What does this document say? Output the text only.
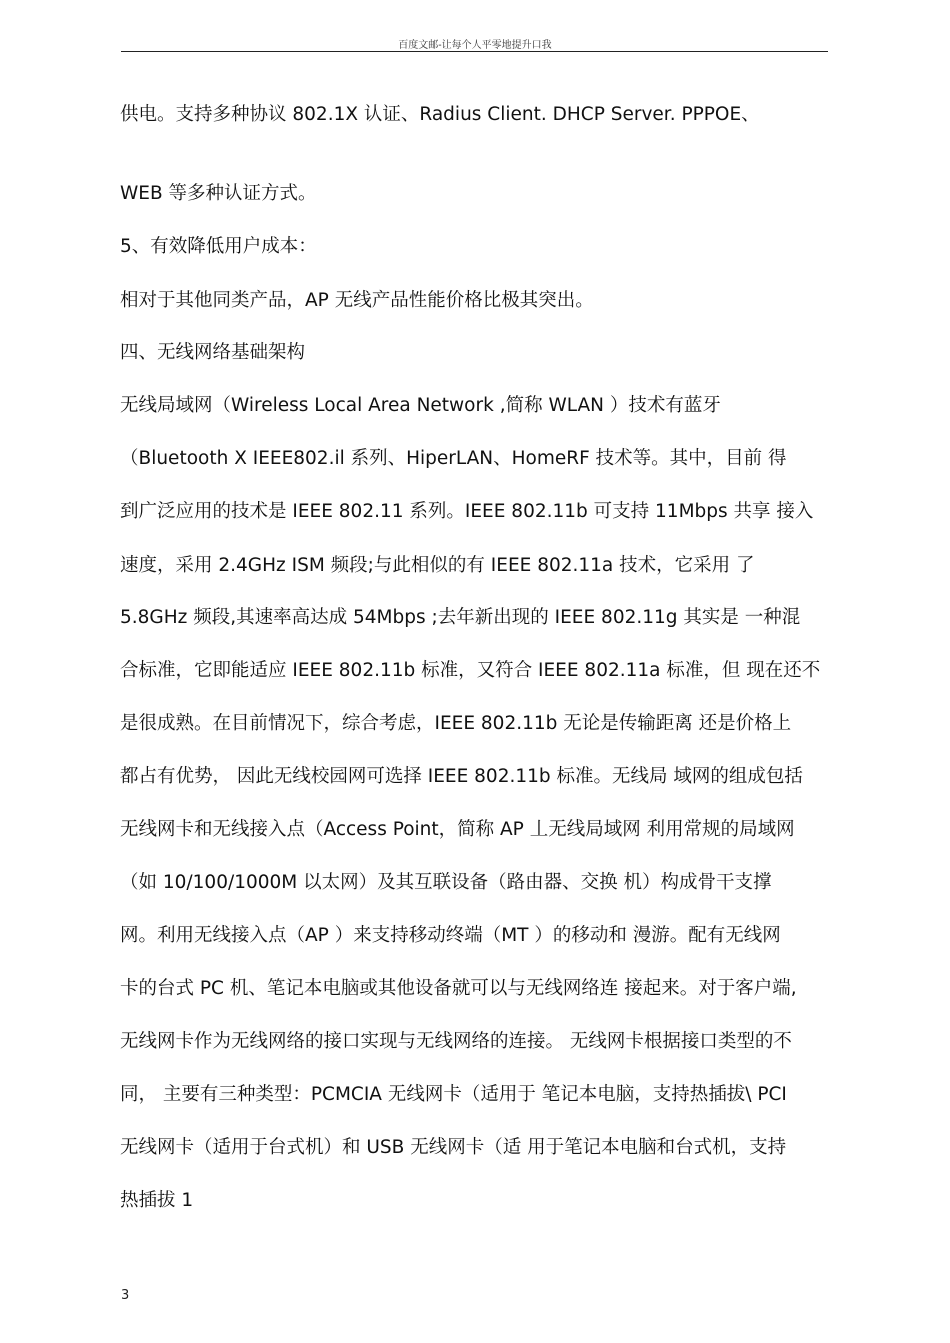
百度文邮-让每个人平零地提升口我
供电。支持多种协议 802.1X 认证、Radius Client. DHCP Server. PPPOE、
WEB 等多种认证方式。
5、有效降低用户成本：
相对于其他同类产品，AP 无线产品性能价格比极其突出。
四、无线网络基础架构
无线局域网（Wireless Local Area Network ,简称 WLAN ）技术有蓝牙
（Bluetooth X IEEE802.il 系列、HiperLAN、HomeRF 技术等。其中，目前 得
到广泛应用的技术是 IEEE 802.11 系列。IEEE 802.11b 可支持 11Mbps 共享 接入
速度，采用 2.4GHz ISM 频段;与此相似的有 IEEE 802.11a 技术，它采用 了
5.8GHz 频段,其速率高达成 54Mbps ;去年新出现的 IEEE 802.11g 其实是 一种混
合标准，它即能适应 IEEE 802.11b 标准，又符合 IEEE 802.11a 标准，但 现在还不
是很成熟。在目前情况下，综合考虑，IEEE 802.11b 无论是传输距离 还是价格上
都占有优势， 因此无线校园网可选择 IEEE 802.11b 标准。无线局 域网的组成包括
无线网卡和无线接入点（Access Point，简称 AP 丄无线局域网 利用常规的局域网
（如 10/100/1000M 以太网）及其互联设备（路由器、交换 机）构成骨干支撑
网。利用无线接入点（AP ）来支持移动终端（MT ）的移动和 漫游。配有无线网
卡的台式 PC 机、笔记本电脑或其他设备就可以与无线网络连 接起来。对于客户端,
无线网卡作为无线网络的接口实现与无线网络的连接。 无线网卡根据接口类型的不
同， 主要有三种类型：PCMCIA 无线网卡（适用于 笔记本电脑，支持热插拔\ PCI
无线网卡（适用于台式机）和 USB 无线网卡（适 用于笔记本电脑和台式机，支持
热插拔 1
3
